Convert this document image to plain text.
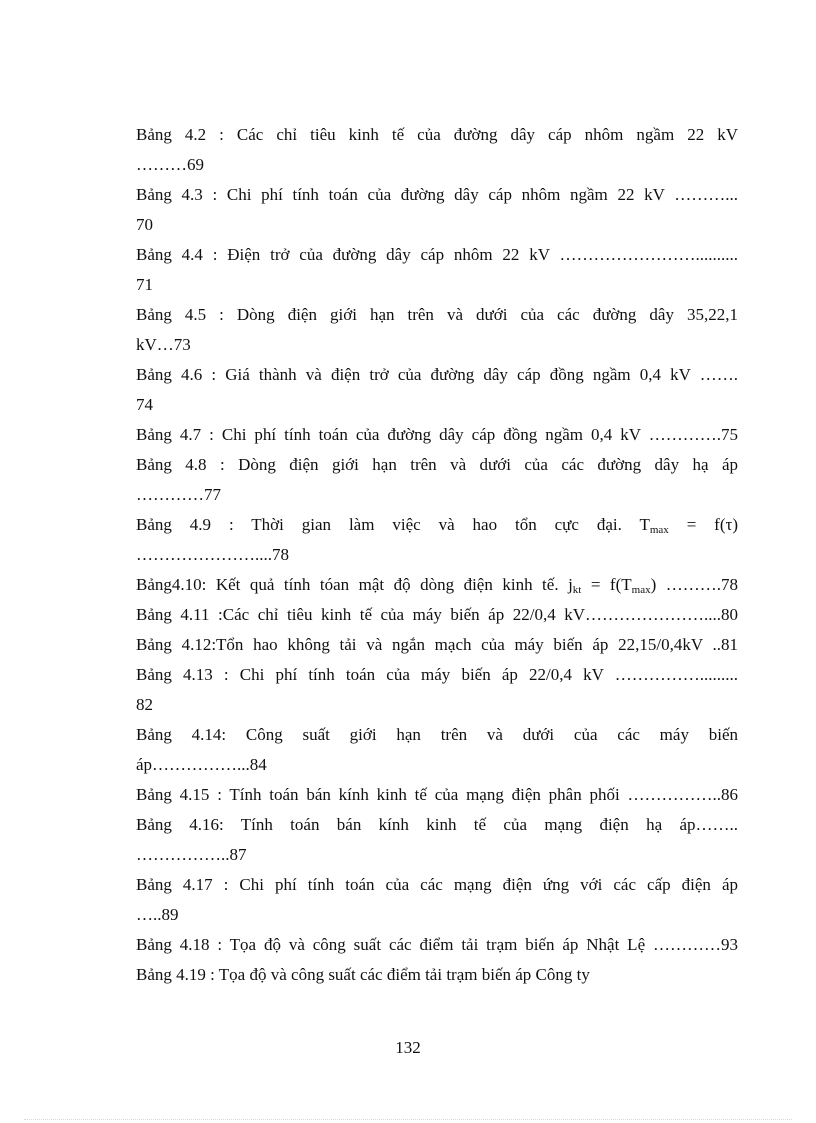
Bảng 4.2 : Các chỉ tiêu kinh tế của đường dây cáp nhôm ngầm 22 kV
………69
Bảng 4.3 : Chi phí tính toán của đường dây cáp nhôm ngầm 22 kV ………...
70
Bảng 4.4 : Điện trở của đường dây cáp nhôm 22 kV ……………………..........
71
Bảng 4.5 : Dòng điện giới hạn trên và dưới của các đường dây 35,22,1
kV…73
Bảng 4.6 : Giá thành và điện trở của đường dây cáp đồng ngầm 0,4 kV …….
74
Bảng 4.7 : Chi phí tính toán của đường dây cáp đồng ngầm 0,4 kV ………….75
Bảng 4.8 : Dòng điện giới hạn trên và dưới của các đường dây hạ áp
…………77
Bảng 4.9 : Thời gian làm việc và hao tổn cực đại. $T_{max} = f(\tau)$
…………………....78
Bảng4.10: Kết quả tính tóan mật độ dòng điện kinh tế. $j_{kt} = f(T_{max})$ ……….78
Bảng 4.11 :Các chỉ tiêu kinh tế của máy biến áp 22/0,4 kV…………………....80
Bảng 4.12:Tổn hao không tải và ngắn mạch của máy biến áp 22,15/0,4kV ..81
Bảng 4.13 : Chi phí tính toán của máy biến áp 22/0,4 kV …………….........
82
Bảng 4.14: Công suất giới hạn trên và dưới của các máy biến
áp……………...84
Bảng 4.15 : Tính toán bán kính kinh tế của mạng điện phân phối ……………..86
Bảng 4.16: Tính toán bán kính kinh tế của mạng điện hạ áp……..
……………..87
Bảng 4.17 : Chi phí tính toán của các mạng điện ứng với các cấp điện áp
…..89
Bảng 4.18 : Tọa độ và công suất các điểm tải trạm biến áp Nhật Lệ …………93
Bảng 4.19 : Tọa độ và công suất các điểm tải trạm biến áp Công ty
132
